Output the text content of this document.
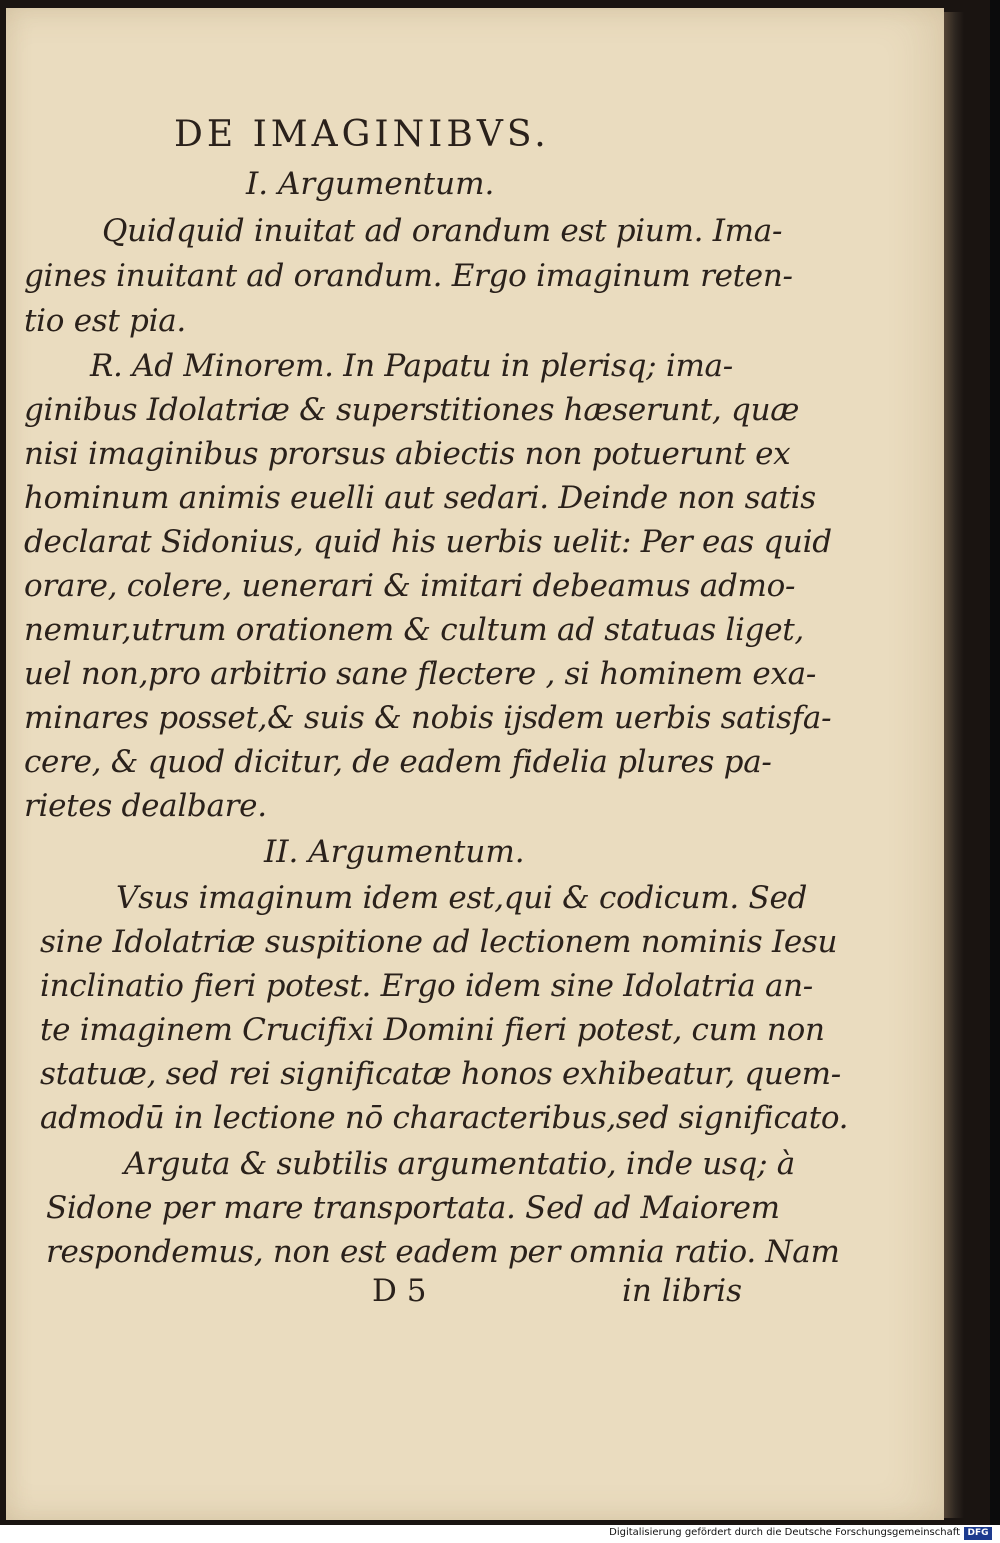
DE IMAGINIBVS.
I. Argumentum.
Quidquid inuitat ad orandum est pium. Ima-
gines inuitant ad orandum. Ergo imaginum reten-
tio est pia.
R. Ad Minorem. In Papatu in plerisq; ima-
ginibus Idolatriæ & superstitiones hæserunt, quæ
nisi imaginibus prorsus abiectis non potuerunt ex
hominum animis euelli aut sedari. Deinde non satis
declarat Sidonius, quid his uerbis uelit: Per eas quid
orare, colere, uenerari & imitari debeamus admo-
nemur,utrum orationem & cultum ad statuas liget,
uel non,pro arbitrio sane flectere , si hominem exa-
minares posset,& suis & nobis ijsdem uerbis satisfa-
cere, & quod dicitur, de eadem fidelia plures pa-
rietes dealbare.
II. Argumentum.
Vsus imaginum idem est,qui & codicum. Sed
sine Idolatriæ suspitione ad lectionem nominis Iesu
inclinatio fieri potest. Ergo idem sine Idolatria an-
te imaginem Crucifixi Domini fieri potest, cum non
statuæ, sed rei significatæ honos exhibeatur, quem-
admodū in lectione nō characteribus,sed significato.
Arguta & subtilis argumentatio, inde usq; à
Sidone per mare transportata. Sed ad Maiorem
respondemus, non est eadem per omnia ratio. Nam
D 5	in libris
Digitalisierung gefördert durch die Deutsche Forschungsgemeinschaft DFG
